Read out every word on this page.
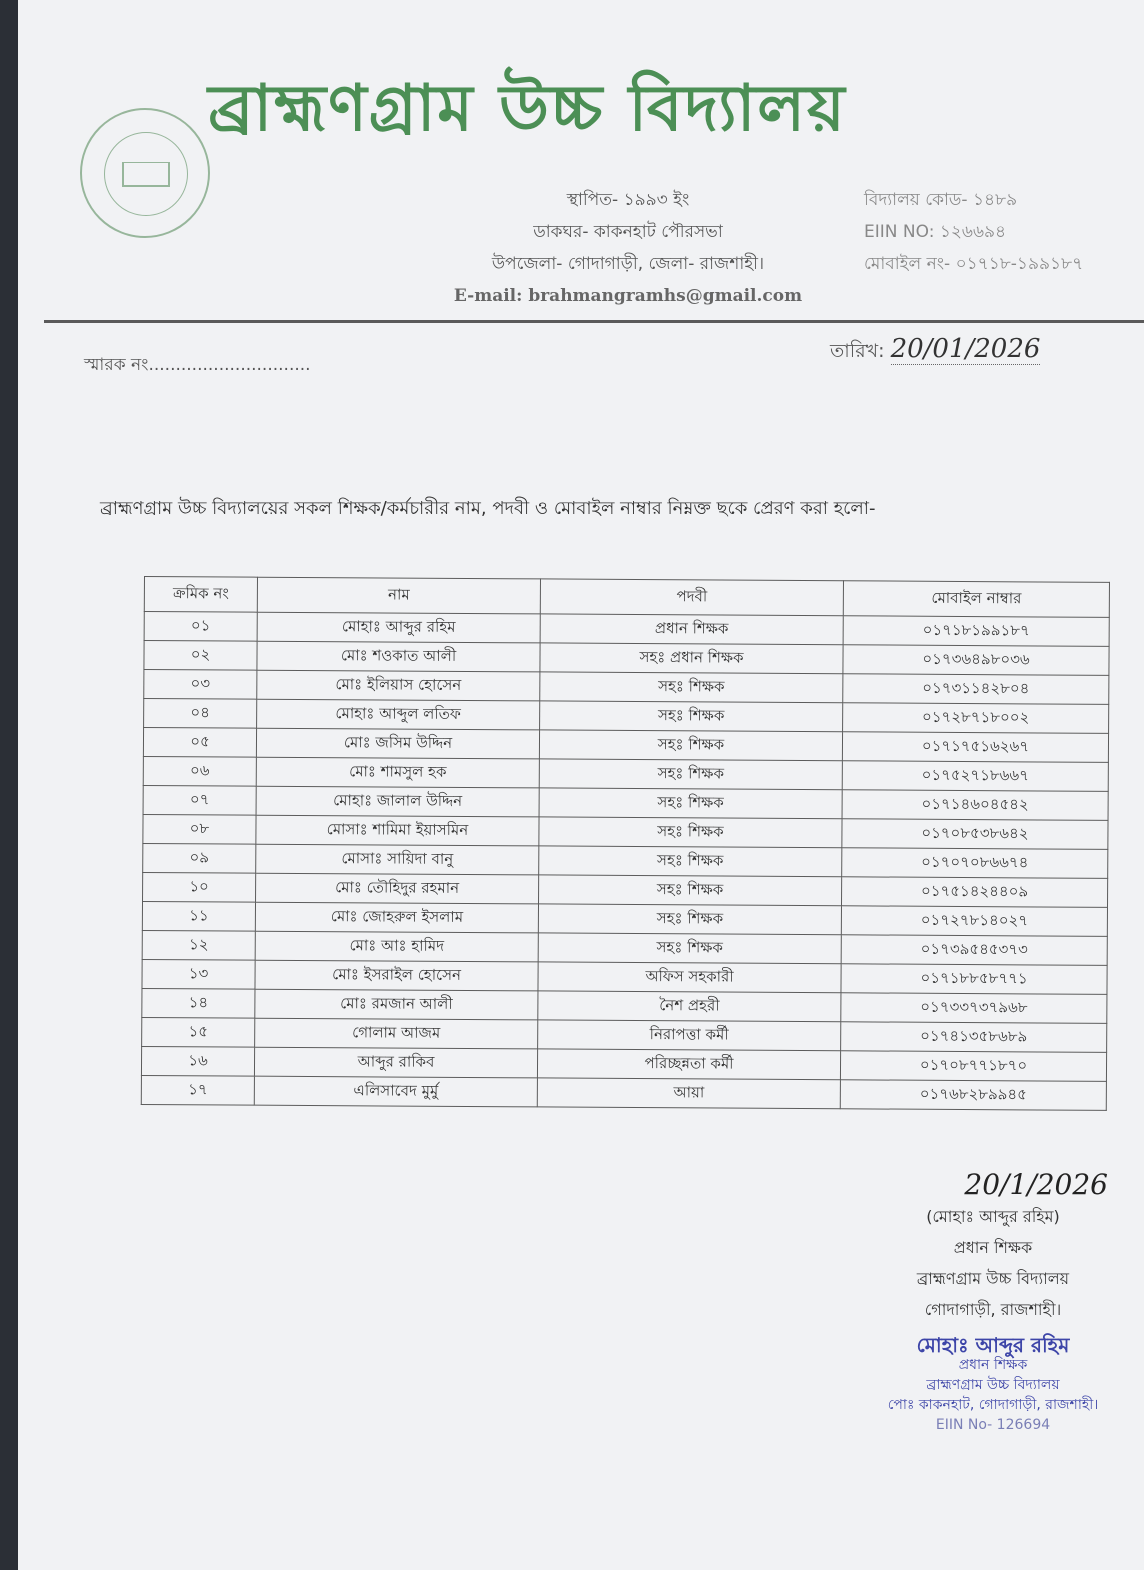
ব্রাহ্মণগ্রাম উচ্চ বিদ্যালয়
স্থাপিত- ১৯৯৩ ইং
ডাকঘর- কাকনহাট পৌরসভা
উপজেলা- গোদাগাড়ী, জেলা- রাজশাহী।
E-mail: brahmangramhs@gmail.com
বিদ্যালয় কোড- ১৪৮৯
EIIN NO: ১২৬৬৯৪
মোবাইল নং- ০১৭১৮-১৯৯১৮৭
স্মারক নং..............................
তারিখ: 20/01/2026
ব্রাহ্মণগ্রাম উচ্চ বিদ্যালয়ের সকল শিক্ষক/কর্মচারীর নাম, পদবী ও মোবাইল নাম্বার নিম্নক্ত ছকে প্রেরণ করা হলো-
ক্রমিক নং	নাম	পদবী	মোবাইল নাম্বার
০১	মোহাঃ আব্দুর রহিম	প্রধান শিক্ষক	০১৭১৮১৯৯১৮৭
০২	মোঃ শওকাত আলী	সহঃ প্রধান শিক্ষক	০১৭৩৬৪৯৮০৩৬
০৩	মোঃ ইলিয়াস হোসেন	সহঃ শিক্ষক	০১৭৩১১৪২৮০৪
০৪	মোহাঃ আব্দুল লতিফ	সহঃ শিক্ষক	০১৭২৮৭১৮০০২
০৫	মোঃ জসিম উদ্দিন	সহঃ শিক্ষক	০১৭১৭৫১৬২৬৭
০৬	মোঃ শামসুল হক	সহঃ শিক্ষক	০১৭৫২৭১৮৬৬৭
০৭	মোহাঃ জালাল উদ্দিন	সহঃ শিক্ষক	০১৭১৪৬০৪৫৪২
০৮	মোসাঃ শামিমা ইয়াসমিন	সহঃ শিক্ষক	০১৭০৮৫৩৮৬৪২
০৯	মোসাঃ সায়িদা বানু	সহঃ শিক্ষক	০১৭০৭০৮৬৬৭৪
১০	মোঃ তৌহিদুর রহমান	সহঃ শিক্ষক	০১৭৫১৪২৪৪০৯
১১	মোঃ জোহরুল ইসলাম	সহঃ শিক্ষক	০১৭২৭৮১৪০২৭
১২	মোঃ আঃ হামিদ	সহঃ শিক্ষক	০১৭৩৯৫৪৫৩৭৩
১৩	মোঃ ইসরাইল হোসেন	অফিস সহকারী	০১৭১৮৮৫৮৭৭১
১৪	মোঃ রমজান আলী	নৈশ প্রহরী	০১৭৩৩৭৩৭৯৬৮
১৫	গোলাম আজম	নিরাপত্তা কর্মী	০১৭৪১৩৫৮৬৮৯
১৬	আব্দুর রাকিব	পরিচ্ছন্নতা কর্মী	০১৭০৮৭৭১৮৭০
১৭	এলিসাবেদ মুর্মু	আয়া	০১৭৬৮২৮৯৯৪৫
20/1/2026
(মোহাঃ আব্দুর রহিম)
প্রধান শিক্ষক
ব্রাহ্মণগ্রাম উচ্চ বিদ্যালয়
গোদাগাড়ী, রাজশাহী।
মোহাঃ আব্দুর রহিম
প্রধান শিক্ষক
ব্রাহ্মণগ্রাম উচ্চ বিদ্যালয়
পোঃ কাকনহাট, গোদাগাড়ী, রাজশাহী।
EIIN No- 126694
